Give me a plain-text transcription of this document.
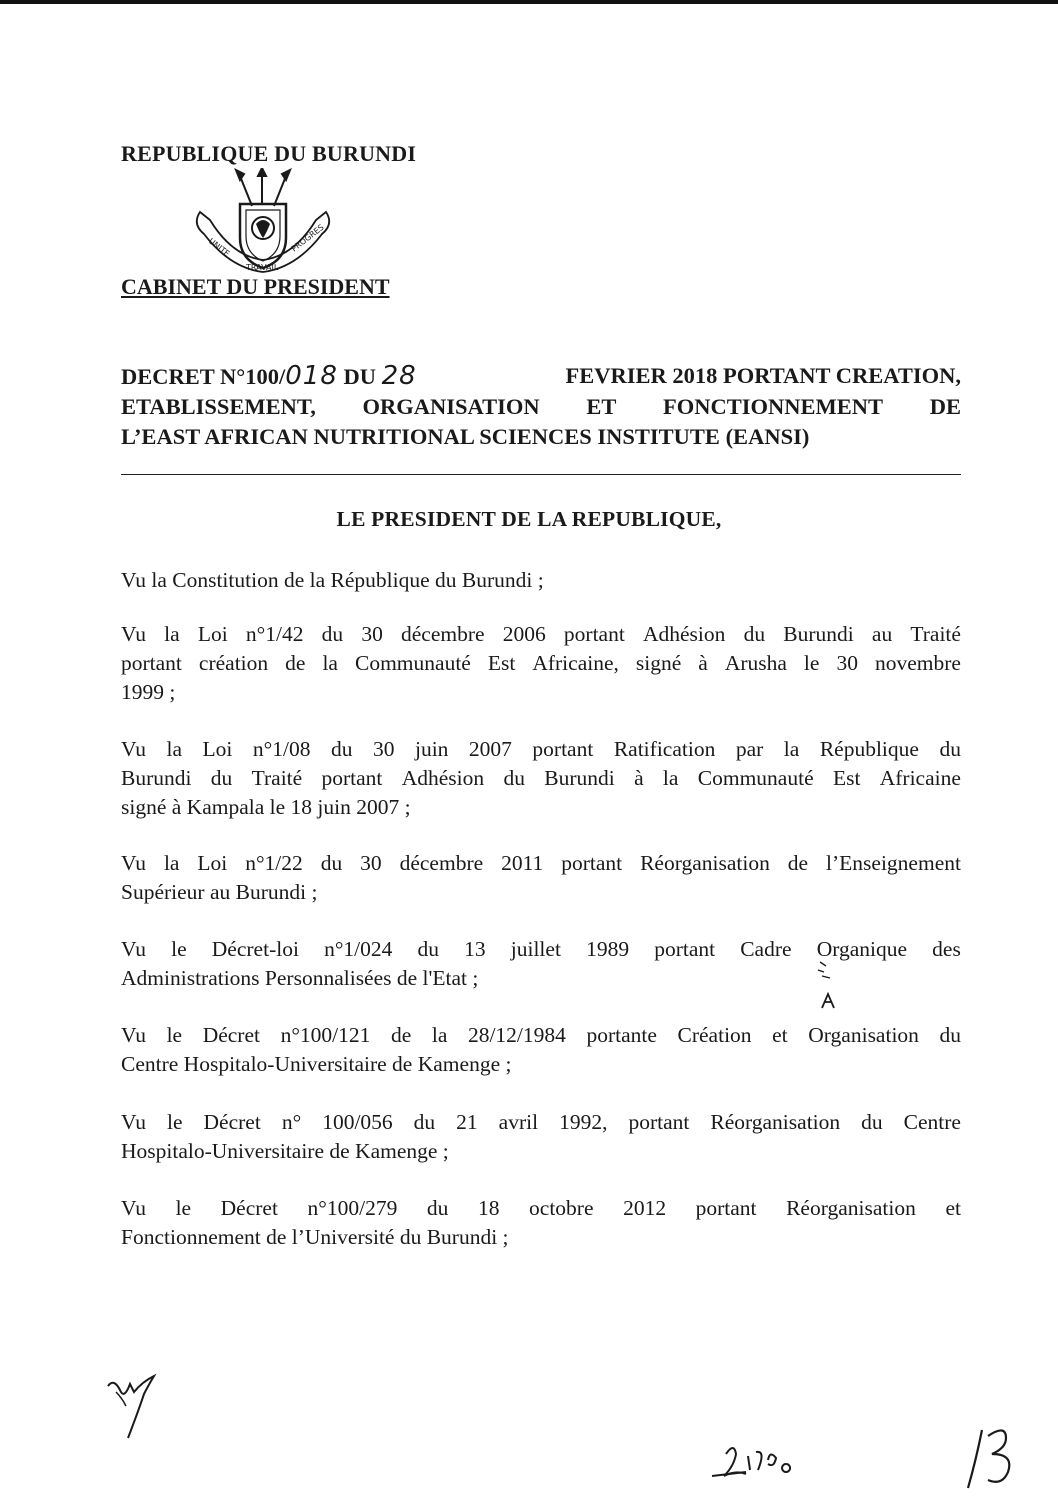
REPUBLIQUE DU BURUNDI
UNITE
TRAVAIL
PROGRES
CABINET DU PRESIDENT
DECRET N°100/018 DU 28	FEVRIER 2018 PORTANT CREATION,
ETABLISSEMENT, ORGANISATION ET FONCTIONNEMENT DE
L’EAST AFRICAN NUTRITIONAL SCIENCES INSTITUTE (EANSI)
LE PRESIDENT DE LA REPUBLIQUE,
Vu la Constitution de la République du Burundi ;
Vu la Loi n°1/42 du 30 décembre 2006 portant Adhésion du Burundi au Traité
portant création de la Communauté Est Africaine, signé à Arusha le 30 novembre
1999 ;
Vu la Loi n°1/08 du 30 juin 2007 portant Ratification par la République du
Burundi du Traité portant Adhésion du Burundi à la Communauté Est Africaine
signé à Kampala le 18 juin 2007 ;
Vu la Loi n°1/22 du 30 décembre 2011 portant Réorganisation de l’Enseignement
Supérieur au Burundi ;
Vu le Décret-loi n°1/024 du 13 juillet 1989 portant Cadre Organique des
Administrations Personnalisées de l'Etat ;
Vu le Décret n°100/121 de la 28/12/1984 portante Création et Organisation du
Centre Hospitalo-Universitaire de Kamenge ;
Vu le Décret n° 100/056 du 21 avril 1992, portant Réorganisation du Centre
Hospitalo-Universitaire de Kamenge ;
Vu le Décret n°100/279 du 18 octobre 2012 portant Réorganisation et
Fonctionnement de l’Université du Burundi ;
